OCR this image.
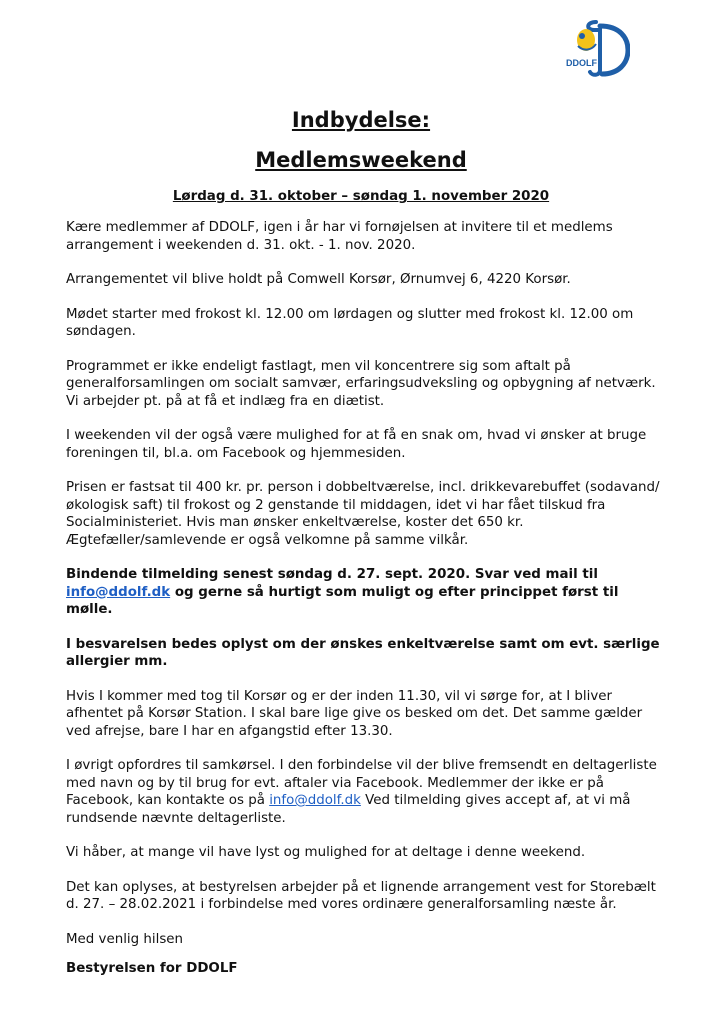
DDOLF
Indbydelse:
Medlemsweekend

Lørdag d. 31. oktober – søndag 1. november 2020

Kære medlemmer af DDOLF, igen i år har vi fornøjelsen at invitere til et medlems arrangement i weekenden d. 31. okt. - 1. nov. 2020.

Arrangementet vil blive holdt på Comwell Korsør, Ørnumvej 6, 4220 Korsør.

Mødet starter med frokost kl. 12.00 om lørdagen og slutter med frokost kl. 12.00 om søndagen.

Programmet er ikke endeligt fastlagt, men vil koncentrere sig som aftalt på generalforsamlingen om socialt samvær, erfaringsudveksling og opbygning af netværk. Vi arbejder pt. på at få et indlæg fra en diætist.

I weekenden vil der også være mulighed for at få en snak om, hvad vi ønsker at bruge foreningen til, bl.a. om Facebook og hjemmesiden.

Prisen er fastsat til 400 kr. pr. person i dobbeltværelse, incl. drikkevarebuffet (sodavand/økologisk saft) til frokost og 2 genstande til middagen, idet vi har fået tilskud fra Socialministeriet. Hvis man ønsker enkeltværelse, koster det 650 kr. Ægtefæller/samlevende er også velkomne på samme vilkår.

Bindende tilmelding senest søndag d. 27. sept. 2020. Svar ved mail til info@ddolf.dk og gerne så hurtigt som muligt og efter princippet først til mølle.

I besvarelsen bedes oplyst om der ønskes enkeltværelse samt om evt. særlige allergier mm.

Hvis I kommer med tog til Korsør og er der inden 11.30, vil vi sørge for, at I bliver afhentet på Korsør Station. I skal bare lige give os besked om det. Det samme gælder ved afrejse, bare I har en afgangstid efter 13.30.

I øvrigt opfordres til samkørsel. I den forbindelse vil der blive fremsendt en deltagerliste med navn og by til brug for evt. aftaler via Facebook. Medlemmer der ikke er på Facebook, kan kontakte os på info@ddolf.dk Ved tilmelding gives accept af, at vi må rundsende nævnte deltagerliste.

Vi håber, at mange vil have lyst og mulighed for at deltage i denne weekend.

Det kan oplyses, at bestyrelsen arbejder på et lignende arrangement vest for Storebælt d. 27. – 28.02.2021 i forbindelse med vores ordinære generalforsamling næste år.

Med venlig hilsen

Bestyrelsen for DDOLF
